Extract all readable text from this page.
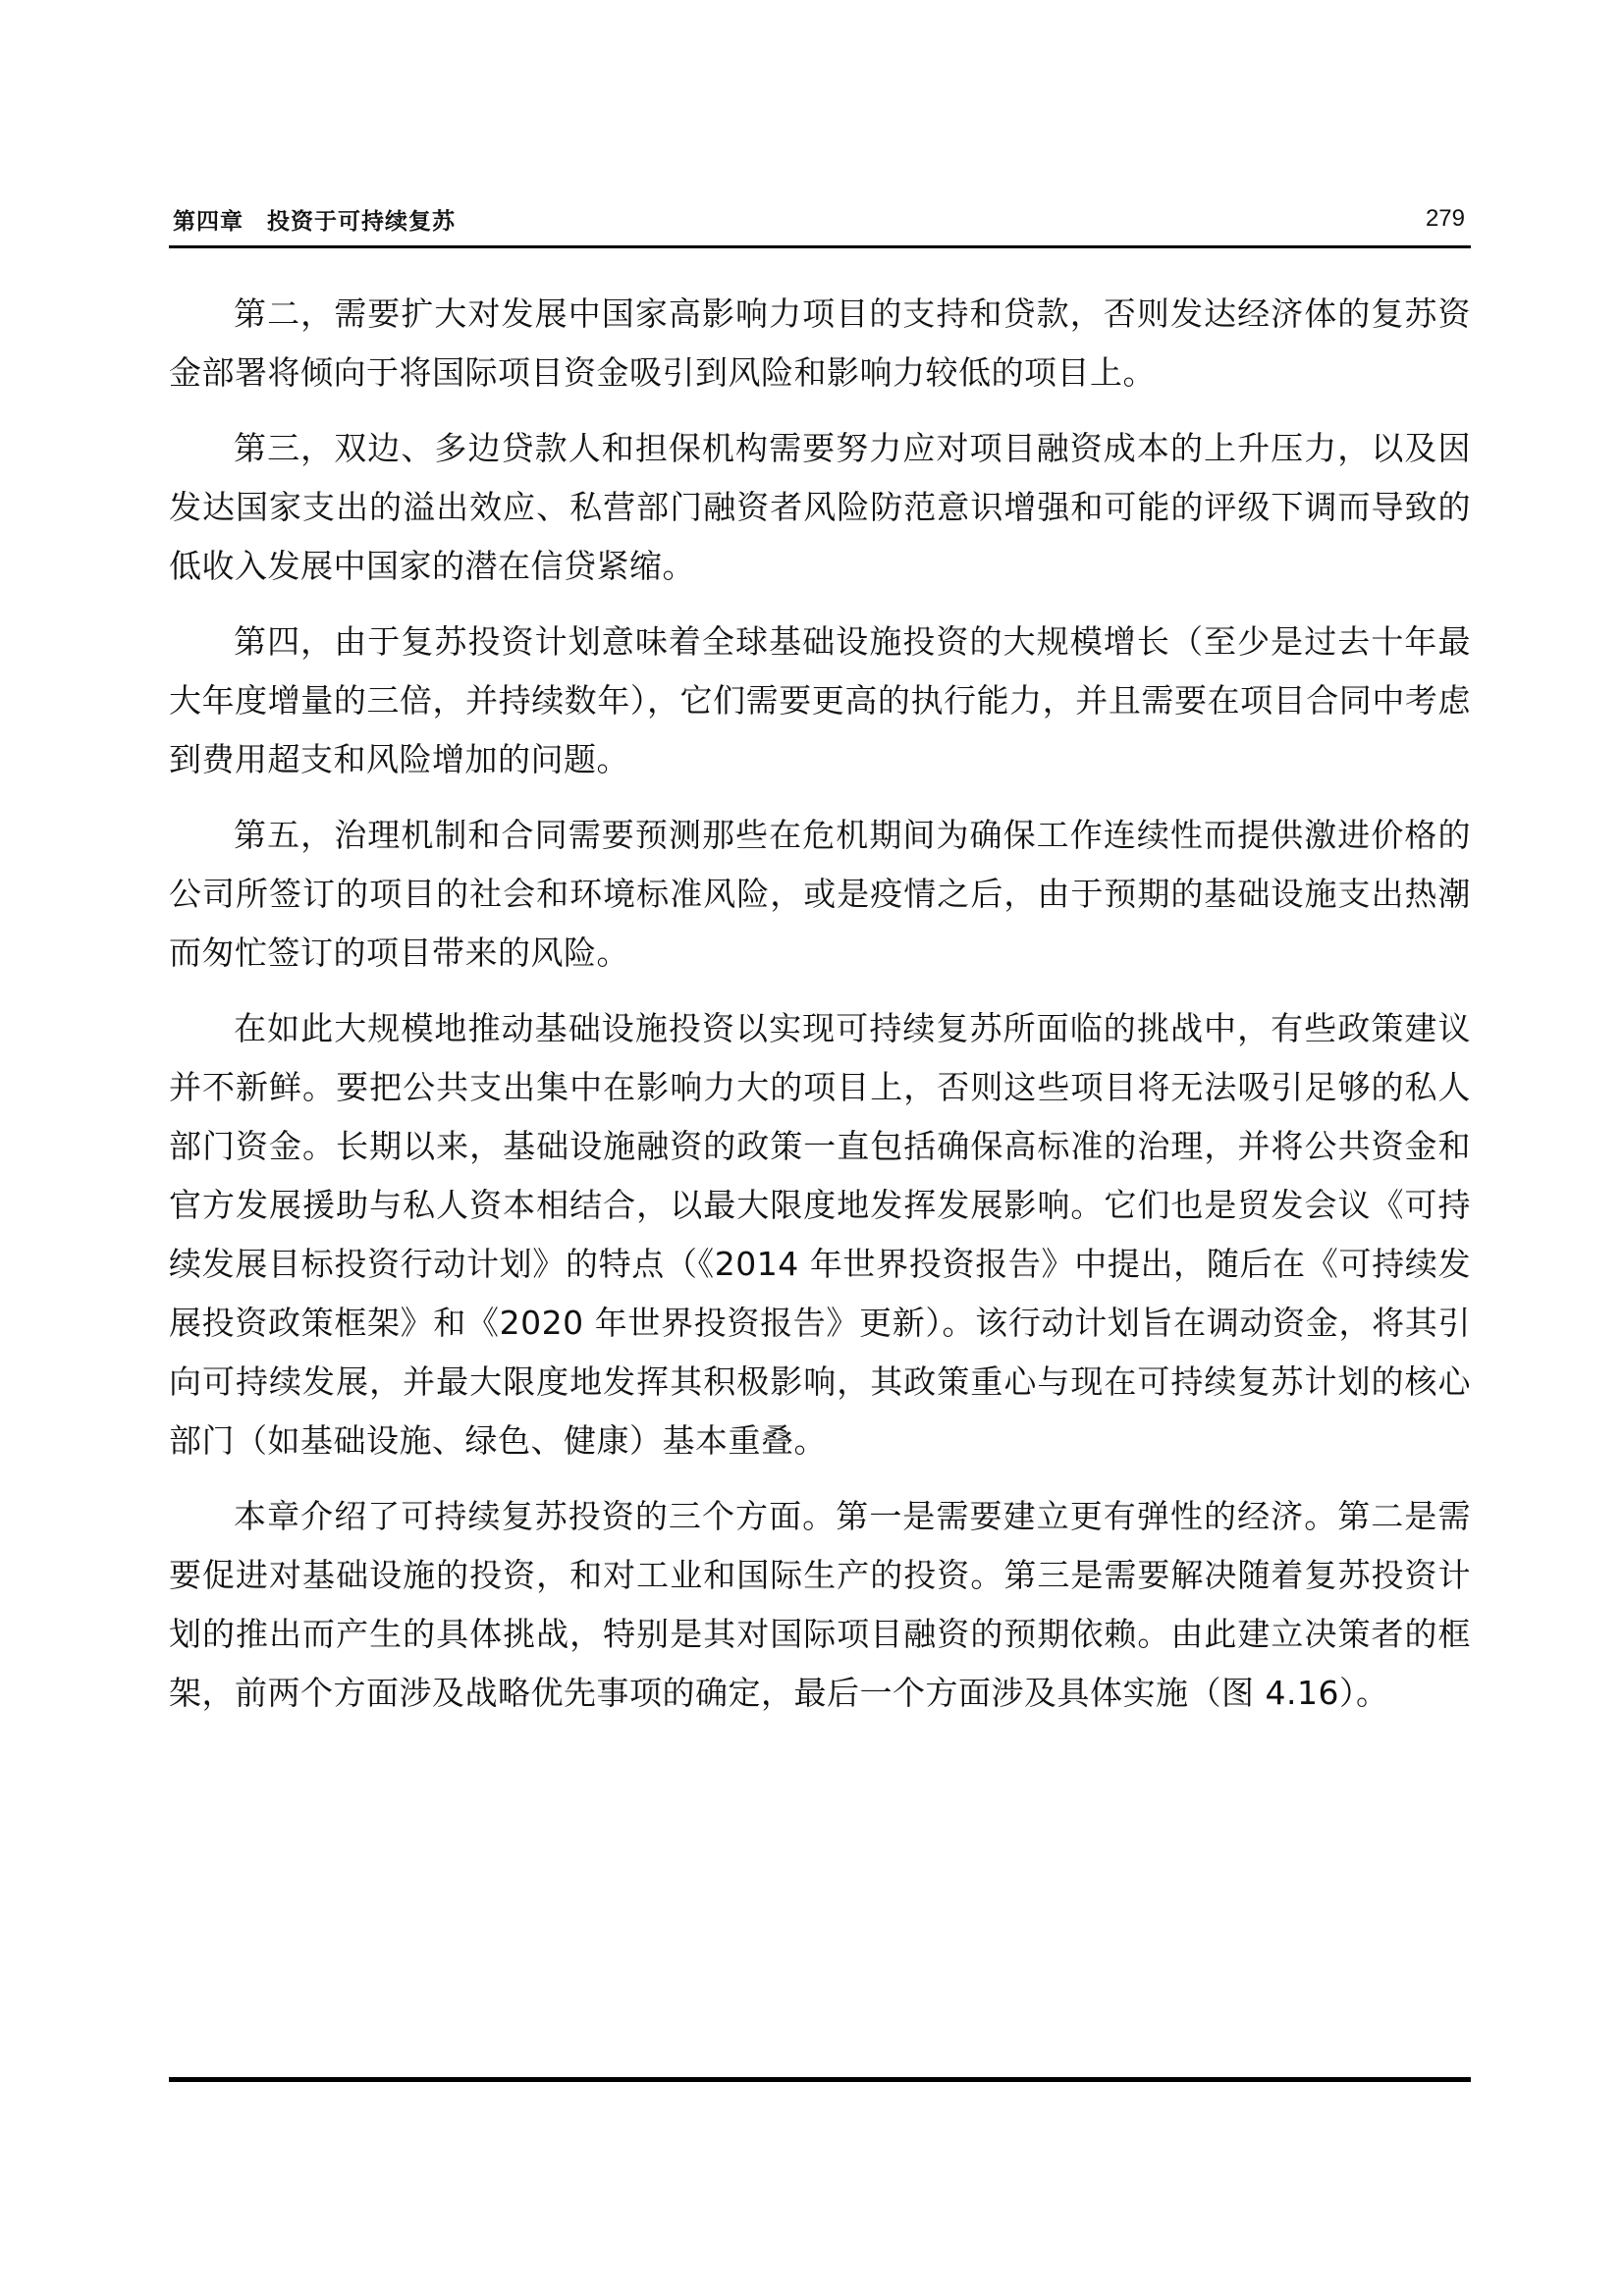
第四章　投资于可持续复苏	279

第二，需要扩大对发展中国家高影响力项目的支持和贷款，否则发达经济体的复苏资金部署将倾向于将国际项目资金吸引到风险和影响力较低的项目上。

第三，双边、多边贷款人和担保机构需要努力应对项目融资成本的上升压力，以及因发达国家支出的溢出效应、私营部门融资者风险防范意识增强和可能的评级下调而导致的低收入发展中国家的潜在信贷紧缩。

第四，由于复苏投资计划意味着全球基础设施投资的大规模增长（至少是过去十年最大年度增量的三倍，并持续数年），它们需要更高的执行能力，并且需要在项目合同中考虑到费用超支和风险增加的问题。

第五，治理机制和合同需要预测那些在危机期间为确保工作连续性而提供激进价格的公司所签订的项目的社会和环境标准风险，或是疫情之后，由于预期的基础设施支出热潮而匆忙签订的项目带来的风险。

在如此大规模地推动基础设施投资以实现可持续复苏所面临的挑战中，有些政策建议并不新鲜。要把公共支出集中在影响力大的项目上，否则这些项目将无法吸引足够的私人部门资金。长期以来，基础设施融资的政策一直包括确保高标准的治理，并将公共资金和官方发展援助与私人资本相结合，以最大限度地发挥发展影响。它们也是贸发会议《可持续发展目标投资行动计划》的特点（《2014 年世界投资报告》中提出，随后在《可持续发展投资政策框架》和《2020 年世界投资报告》更新）。该行动计划旨在调动资金，将其引向可持续发展，并最大限度地发挥其积极影响，其政策重心与现在可持续复苏计划的核心部门（如基础设施、绿色、健康）基本重叠。

本章介绍了可持续复苏投资的三个方面。第一是需要建立更有弹性的经济。第二是需要促进对基础设施的投资，和对工业和国际生产的投资。第三是需要解决随着复苏投资计划的推出而产生的具体挑战，特别是其对国际项目融资的预期依赖。由此建立决策者的框架，前两个方面涉及战略优先事项的确定，最后一个方面涉及具体实施（图 4.16）。
